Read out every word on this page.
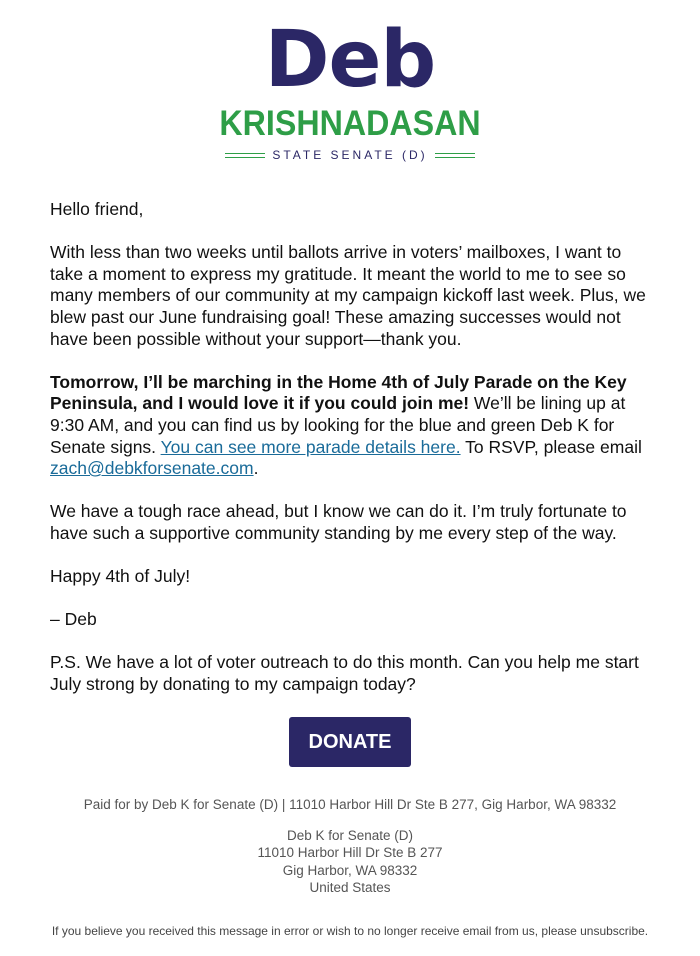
Deb
KRISHNADASAN
STATE SENATE (D)

Hello friend,

With less than two weeks until ballots arrive in voters’ mailboxes, I want to take a moment to express my gratitude. It meant the world to me to see so many members of our community at my campaign kickoff last week. Plus, we blew past our June fundraising goal! These amazing successes would not have been possible without your support—thank you.

Tomorrow, I’ll be marching in the Home 4th of July Parade on the Key Peninsula, and I would love it if you could join me! We’ll be lining up at 9:30 AM, and you can find us by looking for the blue and green Deb K for Senate signs. You can see more parade details here. To RSVP, please email zach@debkforsenate.com.

We have a tough race ahead, but I know we can do it. I’m truly fortunate to have such a supportive community standing by me every step of the way.

Happy 4th of July!

– Deb

P.S. We have a lot of voter outreach to do this month. Can you help me start July strong by donating to my campaign today?

DONATE
Paid for by Deb K for Senate (D) | 11010 Harbor Hill Dr Ste B 277, Gig Harbor, WA 98332
Deb K for Senate (D)
11010 Harbor Hill Dr Ste B 277
Gig Harbor, WA 98332
United States
If you believe you received this message in error or wish to no longer receive email from us, please unsubscribe.
